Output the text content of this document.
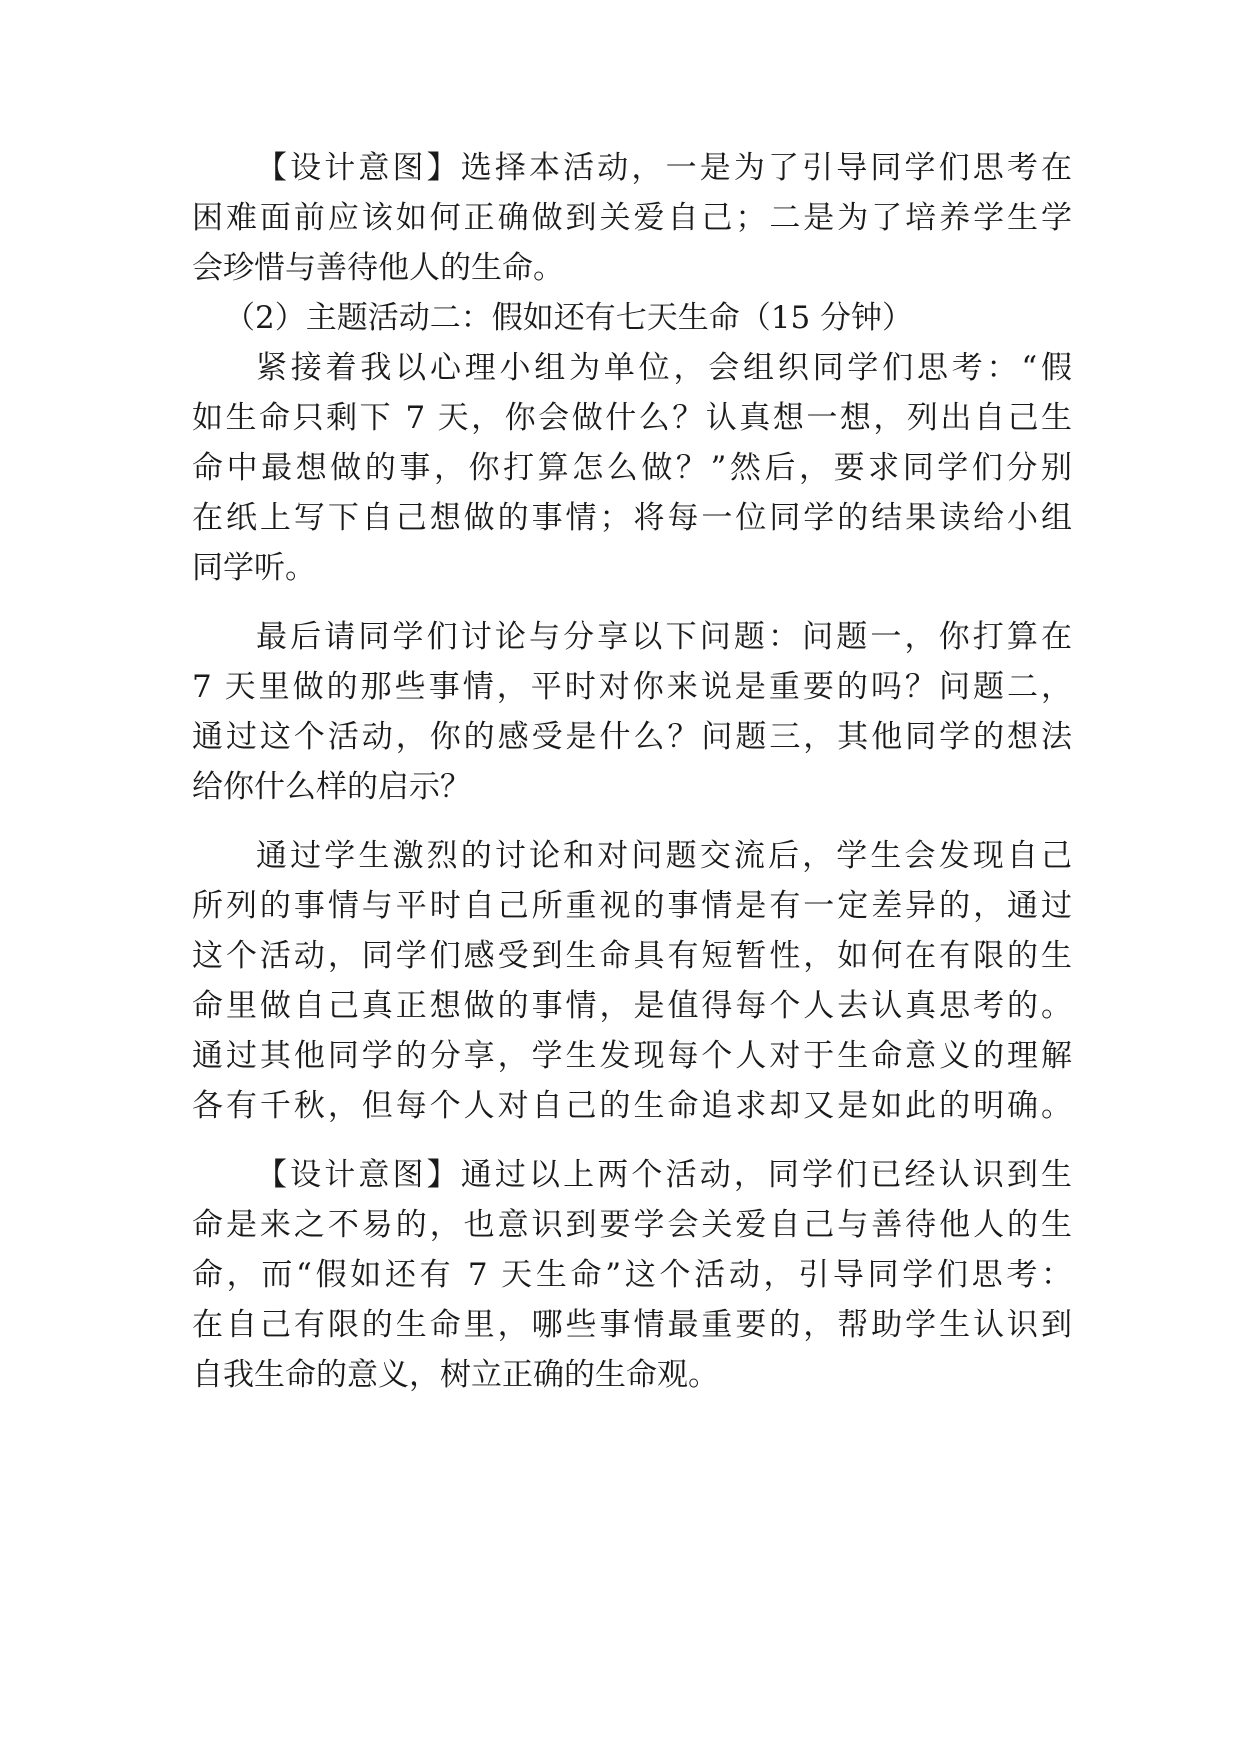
【设计意图】选择本活动，一是为了引导同学们思考在

困难面前应该如何正确做到关爱自己；二是为了培养学生学

会珍惜与善待他人的生命。

（2）主题活动二：假如还有七天生命（15 分钟）

紧接着我以心理小组为单位，会组织同学们思考：“假

如生命只剩下 7 天，你会做什么？认真想一想，列出自己生

命中最想做的事，你打算怎么做？”然后，要求同学们分别

在纸上写下自己想做的事情；将每一位同学的结果读给小组

同学听。

最后请同学们讨论与分享以下问题：问题一，你打算在

7 天里做的那些事情，平时对你来说是重要的吗？问题二，

通过这个活动，你的感受是什么？问题三，其他同学的想法

给你什么样的启示？

通过学生激烈的讨论和对问题交流后，学生会发现自己

所列的事情与平时自己所重视的事情是有一定差异的，通过

这个活动，同学们感受到生命具有短暂性，如何在有限的生

命里做自己真正想做的事情，是值得每个人去认真思考的。

通过其他同学的分享，学生发现每个人对于生命意义的理解

各有千秋，但每个人对自己的生命追求却又是如此的明确。

【设计意图】通过以上两个活动，同学们已经认识到生

命是来之不易的，也意识到要学会关爱自己与善待他人的生

命，而“假如还有 7 天生命”这个活动，引导同学们思考：

在自己有限的生命里，哪些事情最重要的，帮助学生认识到

自我生命的意义，树立正确的生命观。
